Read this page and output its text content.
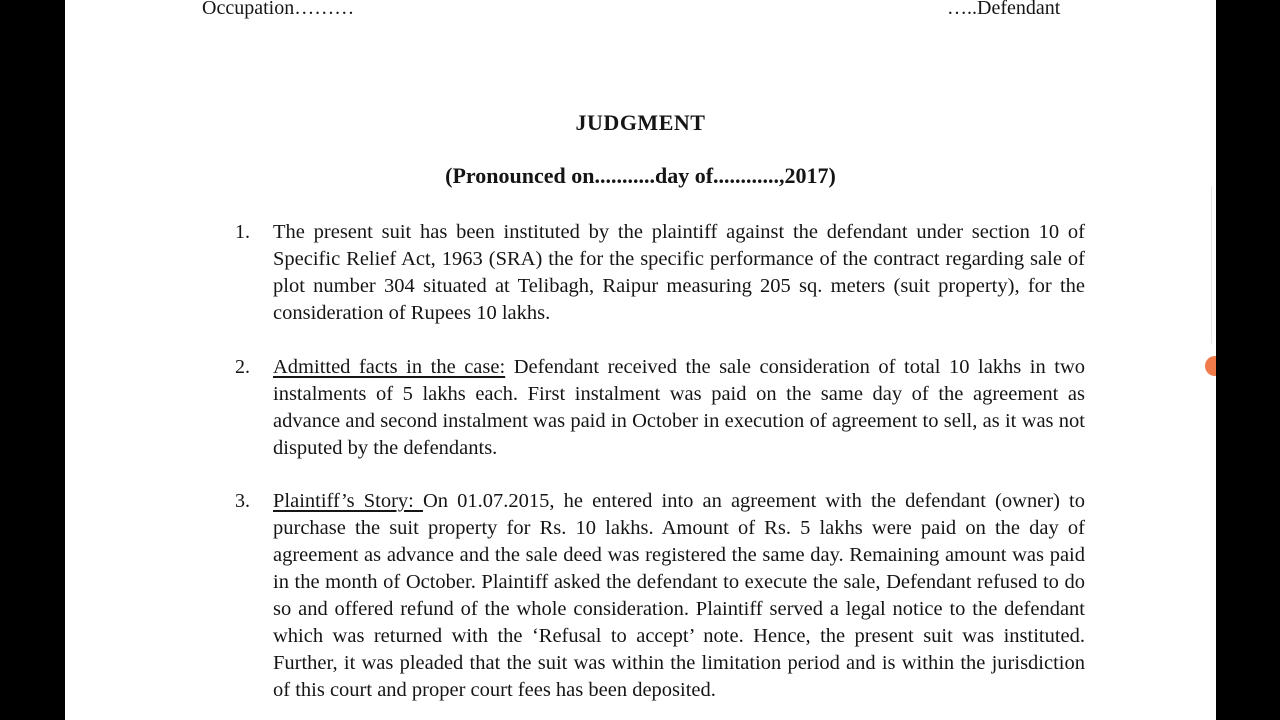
Occupation………	…..Defendant
JUDGMENT
(Pronounced on...........day of............,2017)
1. The present suit has been instituted by the plaintiff against the defendant under section 10 of Specific Relief Act, 1963 (SRA) the for the specific performance of the contract regarding sale of plot number 304 situated at Telibagh, Raipur measuring 205 sq. meters (suit property), for the consideration of Rupees 10 lakhs.
2. Admitted facts in the case: Defendant received the sale consideration of total 10 lakhs in two instalments of 5 lakhs each. First instalment was paid on the same day of the agreement as advance and second instalment was paid in October in execution of agreement to sell, as it was not disputed by the defendants.
3. Plaintiff’s Story: On 01.07.2015, he entered into an agreement with the defendant (owner) to purchase the suit property for Rs. 10 lakhs. Amount of Rs. 5 lakhs were paid on the day of agreement as advance and the sale deed was registered the same day. Remaining amount was paid in the month of October. Plaintiff asked the defendant to execute the sale, Defendant refused to do so and offered refund of the whole consideration. Plaintiff served a legal notice to the defendant which was returned with the ‘Refusal to accept’ note. Hence, the present suit was instituted. Further, it was pleaded that the suit was within the limitation period and is within the jurisdiction of this court and proper court fees has been deposited.
